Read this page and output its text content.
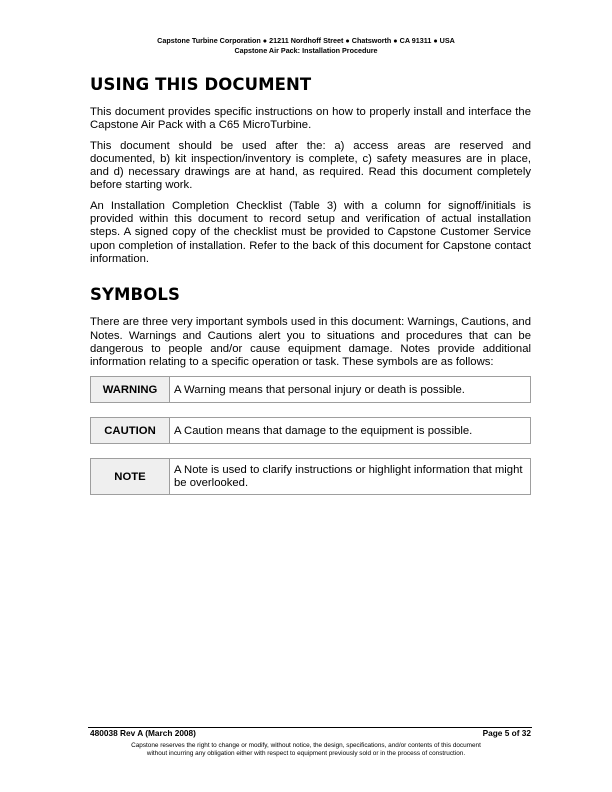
Capstone Turbine Corporation ● 21211 Nordhoff Street ● Chatsworth ● CA 91311 ● USA
Capstone Air Pack: Installation Procedure
USING THIS DOCUMENT

This document provides specific instructions on how to properly install and interface the Capstone Air Pack with a C65 MicroTurbine.

This document should be used after the: a) access areas are reserved and documented, b) kit inspection/inventory is complete, c) safety measures are in place, and d) necessary drawings are at hand, as required. Read this document completely before starting work.

An Installation Completion Checklist (Table 3) with a column for signoff/initials is provided within this document to record setup and verification of actual installation steps. A signed copy of the checklist must be provided to Capstone Customer Service upon completion of installation. Refer to the back of this document for Capstone contact information.

SYMBOLS

There are three very important symbols used in this document: Warnings, Cautions, and Notes. Warnings and Cautions alert you to situations and procedures that can be dangerous to people and/or cause equipment damage. Notes provide additional information relating to a specific operation or task. These symbols are as follows:

WARNING	A Warning means that personal injury or death is possible.
CAUTION	A Caution means that damage to the equipment is possible.
NOTE	A Note is used to clarify instructions or highlight information that might be overlooked.
480038 Rev A (March 2008)	Page 5 of 32
Capstone reserves the right to change or modify, without notice, the design, specifications, and/or contents of this document
without incurring any obligation either with respect to equipment previously sold or in the process of construction.
